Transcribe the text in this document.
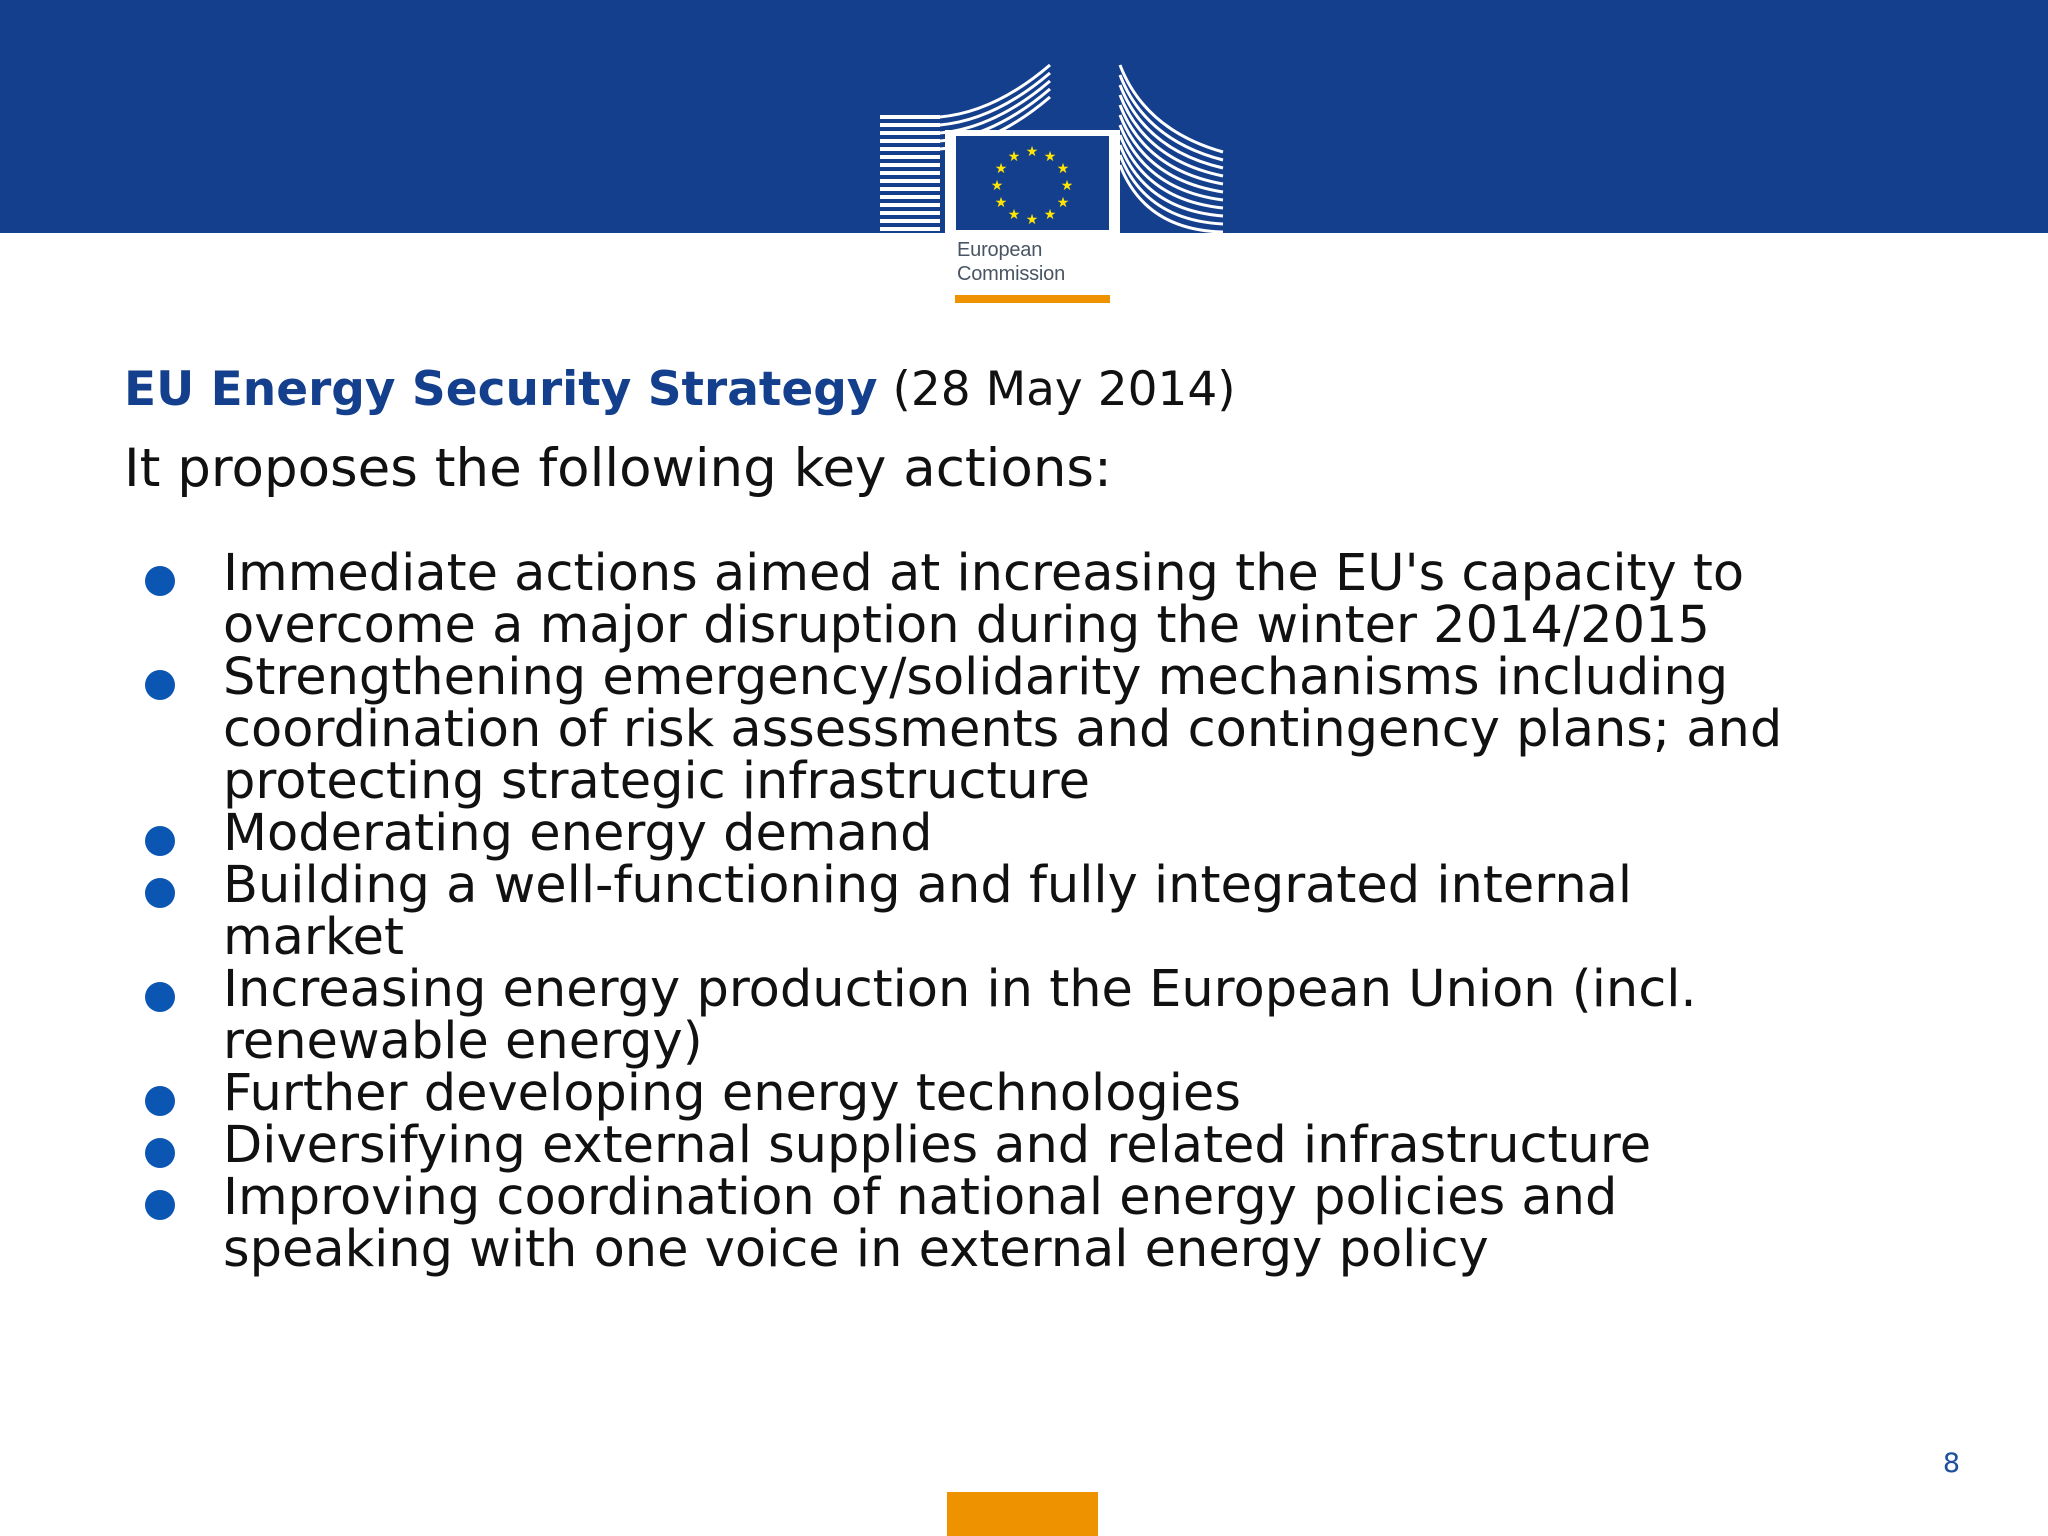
★ ★
★
★
★
★
★
★
★
★
★
★
European
Commission
EU Energy Security Strategy (28 May 2014)
It proposes the following key actions:
Immediate actions aimed at increasing the EU's capacity to
overcome a major disruption during the winter 2014/2015
Strengthening emergency/solidarity mechanisms including
coordination of risk assessments and contingency plans; and
protecting strategic infrastructure
Moderating energy demand
Building a well-functioning and fully integrated internal
market
Increasing energy production in the European Union (incl.
renewable energy)
Further developing energy technologies
Diversifying external supplies and related infrastructure
Improving coordination of national energy policies and
speaking with one voice in external energy policy
8
